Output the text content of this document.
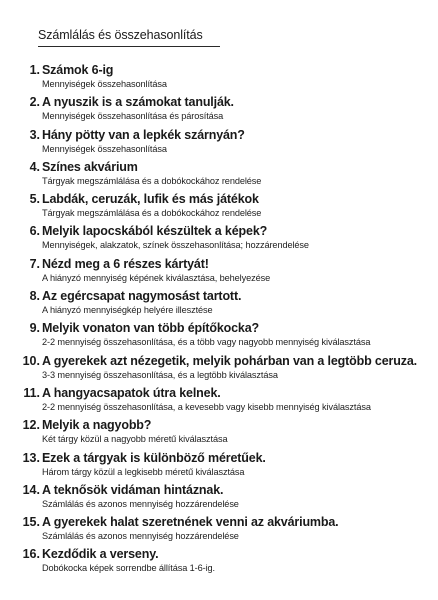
Számlálás és összehasonlítás
1. Számok 6-ig
Mennyiségek összehasonlítása
2. A nyuszik is a számokat tanulják.
Mennyiségek összehasonlítása és párosítása
3. Hány pötty van a lepkék szárnyán?
Mennyiségek összehasonlítása
4. Színes akvárium
Tárgyak megszámlálása és a dobókockához rendelése
5. Labdák, ceruzák, lufik és más játékok
Tárgyak megszámlálása és a dobókockához rendelése
6. Melyik lapocskából készültek a képek?
Mennyiségek, alakzatok, színek összehasonlítása; hozzárendelése
7. Nézd meg a 6 részes kártyát!
A hiányzó mennyiség képének kiválasztása, behelyezése
8. Az egércsapat nagymosást tartott.
A hiányzó mennyiségkép helyére illesztése
9. Melyik vonaton van több építőkocka?
2-2 mennyiség összehasonlítása, és a több vagy nagyobb mennyiség kiválasztása
10. A gyerekek azt nézegetik, melyik pohárban van a legtöbb ceruza.
3-3 mennyiség összehasonlítása, és a legtöbb kiválasztása
11. A hangyacsapatok útra kelnek.
2-2 mennyiség összehasonlítása, a kevesebb vagy kisebb mennyiség kiválasztása
12. Melyik a nagyobb?
Két tárgy közül a nagyobb méretű kiválasztása
13. Ezek a tárgyak is különböző méretűek.
Három tárgy közül a legkisebb méretű kiválasztása
14. A teknősök vidáman hintáznak.
Számlálás és azonos mennyiség hozzárendelése
15. A gyerekek halat szeretnének venni az akváriumba.
Számlálás és azonos mennyiség hozzárendelése
16. Kezdődik a verseny.
Dobókocka képek sorrendbe állítása 1-6-ig.
